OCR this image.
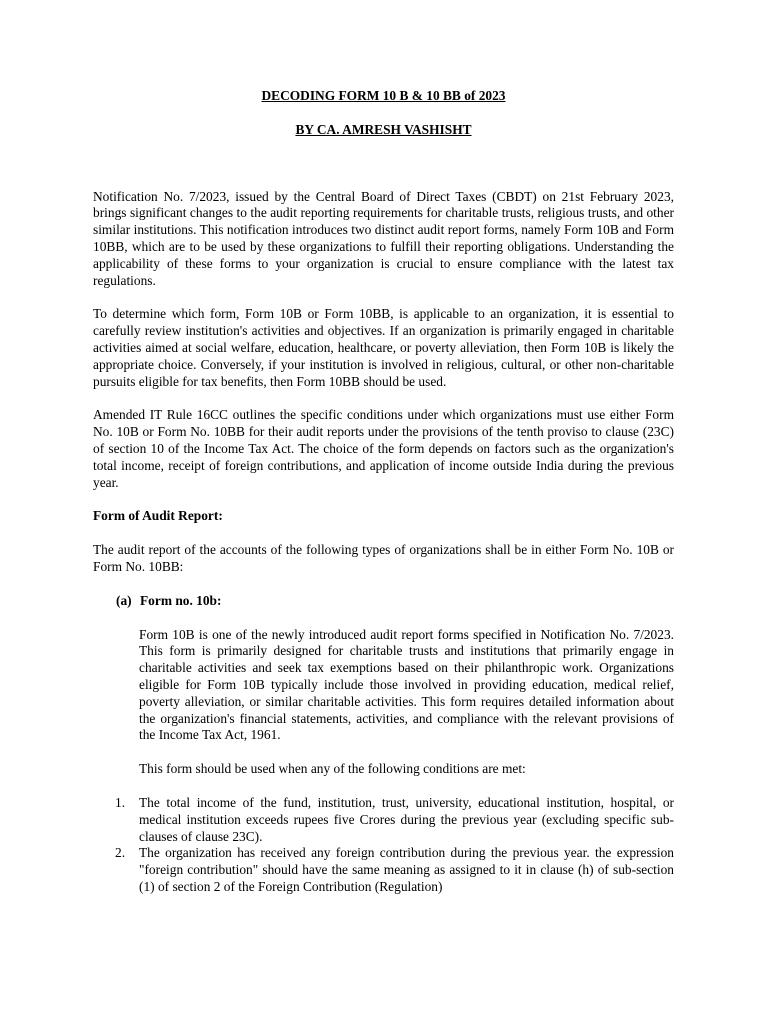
DECODING FORM 10 B & 10 BB of 2023
BY CA. AMRESH VASHISHT

Notification No. 7/2023, issued by the Central Board of Direct Taxes (CBDT) on 21st February 2023, brings significant changes to the audit reporting requirements for charitable trusts, religious trusts, and other similar institutions. This notification introduces two distinct audit report forms, namely Form 10B and Form 10BB, which are to be used by these organizations to fulfill their reporting obligations. Understanding the applicability of these forms to your organization is crucial to ensure compliance with the latest tax regulations.

To determine which form, Form 10B or Form 10BB, is applicable to an organization, it is essential to carefully review institution's activities and objectives. If an organization is primarily engaged in charitable activities aimed at social welfare, education, healthcare, or poverty alleviation, then Form 10B is likely the appropriate choice. Conversely, if your institution is involved in religious, cultural, or other non-charitable pursuits eligible for tax benefits, then Form 10BB should be used.

Amended IT Rule 16CC outlines the specific conditions under which organizations must use either Form No. 10B or Form No. 10BB for their audit reports under the provisions of the tenth proviso to clause (23C) of section 10 of the Income Tax Act. The choice of the form depends on factors such as the organization's total income, receipt of foreign contributions, and application of income outside India during the previous year.

Form of Audit Report:

The audit report of the accounts of the following types of organizations shall be in either Form No. 10B or Form No. 10BB:

(a) Form no. 10b:

Form 10B is one of the newly introduced audit report forms specified in Notification No. 7/2023. This form is primarily designed for charitable trusts and institutions that primarily engage in charitable activities and seek tax exemptions based on their philanthropic work. Organizations eligible for Form 10B typically include those involved in providing education, medical relief, poverty alleviation, or similar charitable activities. This form requires detailed information about the organization's financial statements, activities, and compliance with the relevant provisions of the Income Tax Act, 1961.

This form should be used when any of the following conditions are met:

1.	The total income of the fund, institution, trust, university, educational institution, hospital, or medical institution exceeds rupees five Crores during the previous year (excluding specific sub-clauses of clause 23C).
2.	The organization has received any foreign contribution during the previous year. the expression "foreign contribution" should have the same meaning as assigned to it in clause (h) of sub-section (1) of section 2 of the Foreign Contribution (Regulation)
